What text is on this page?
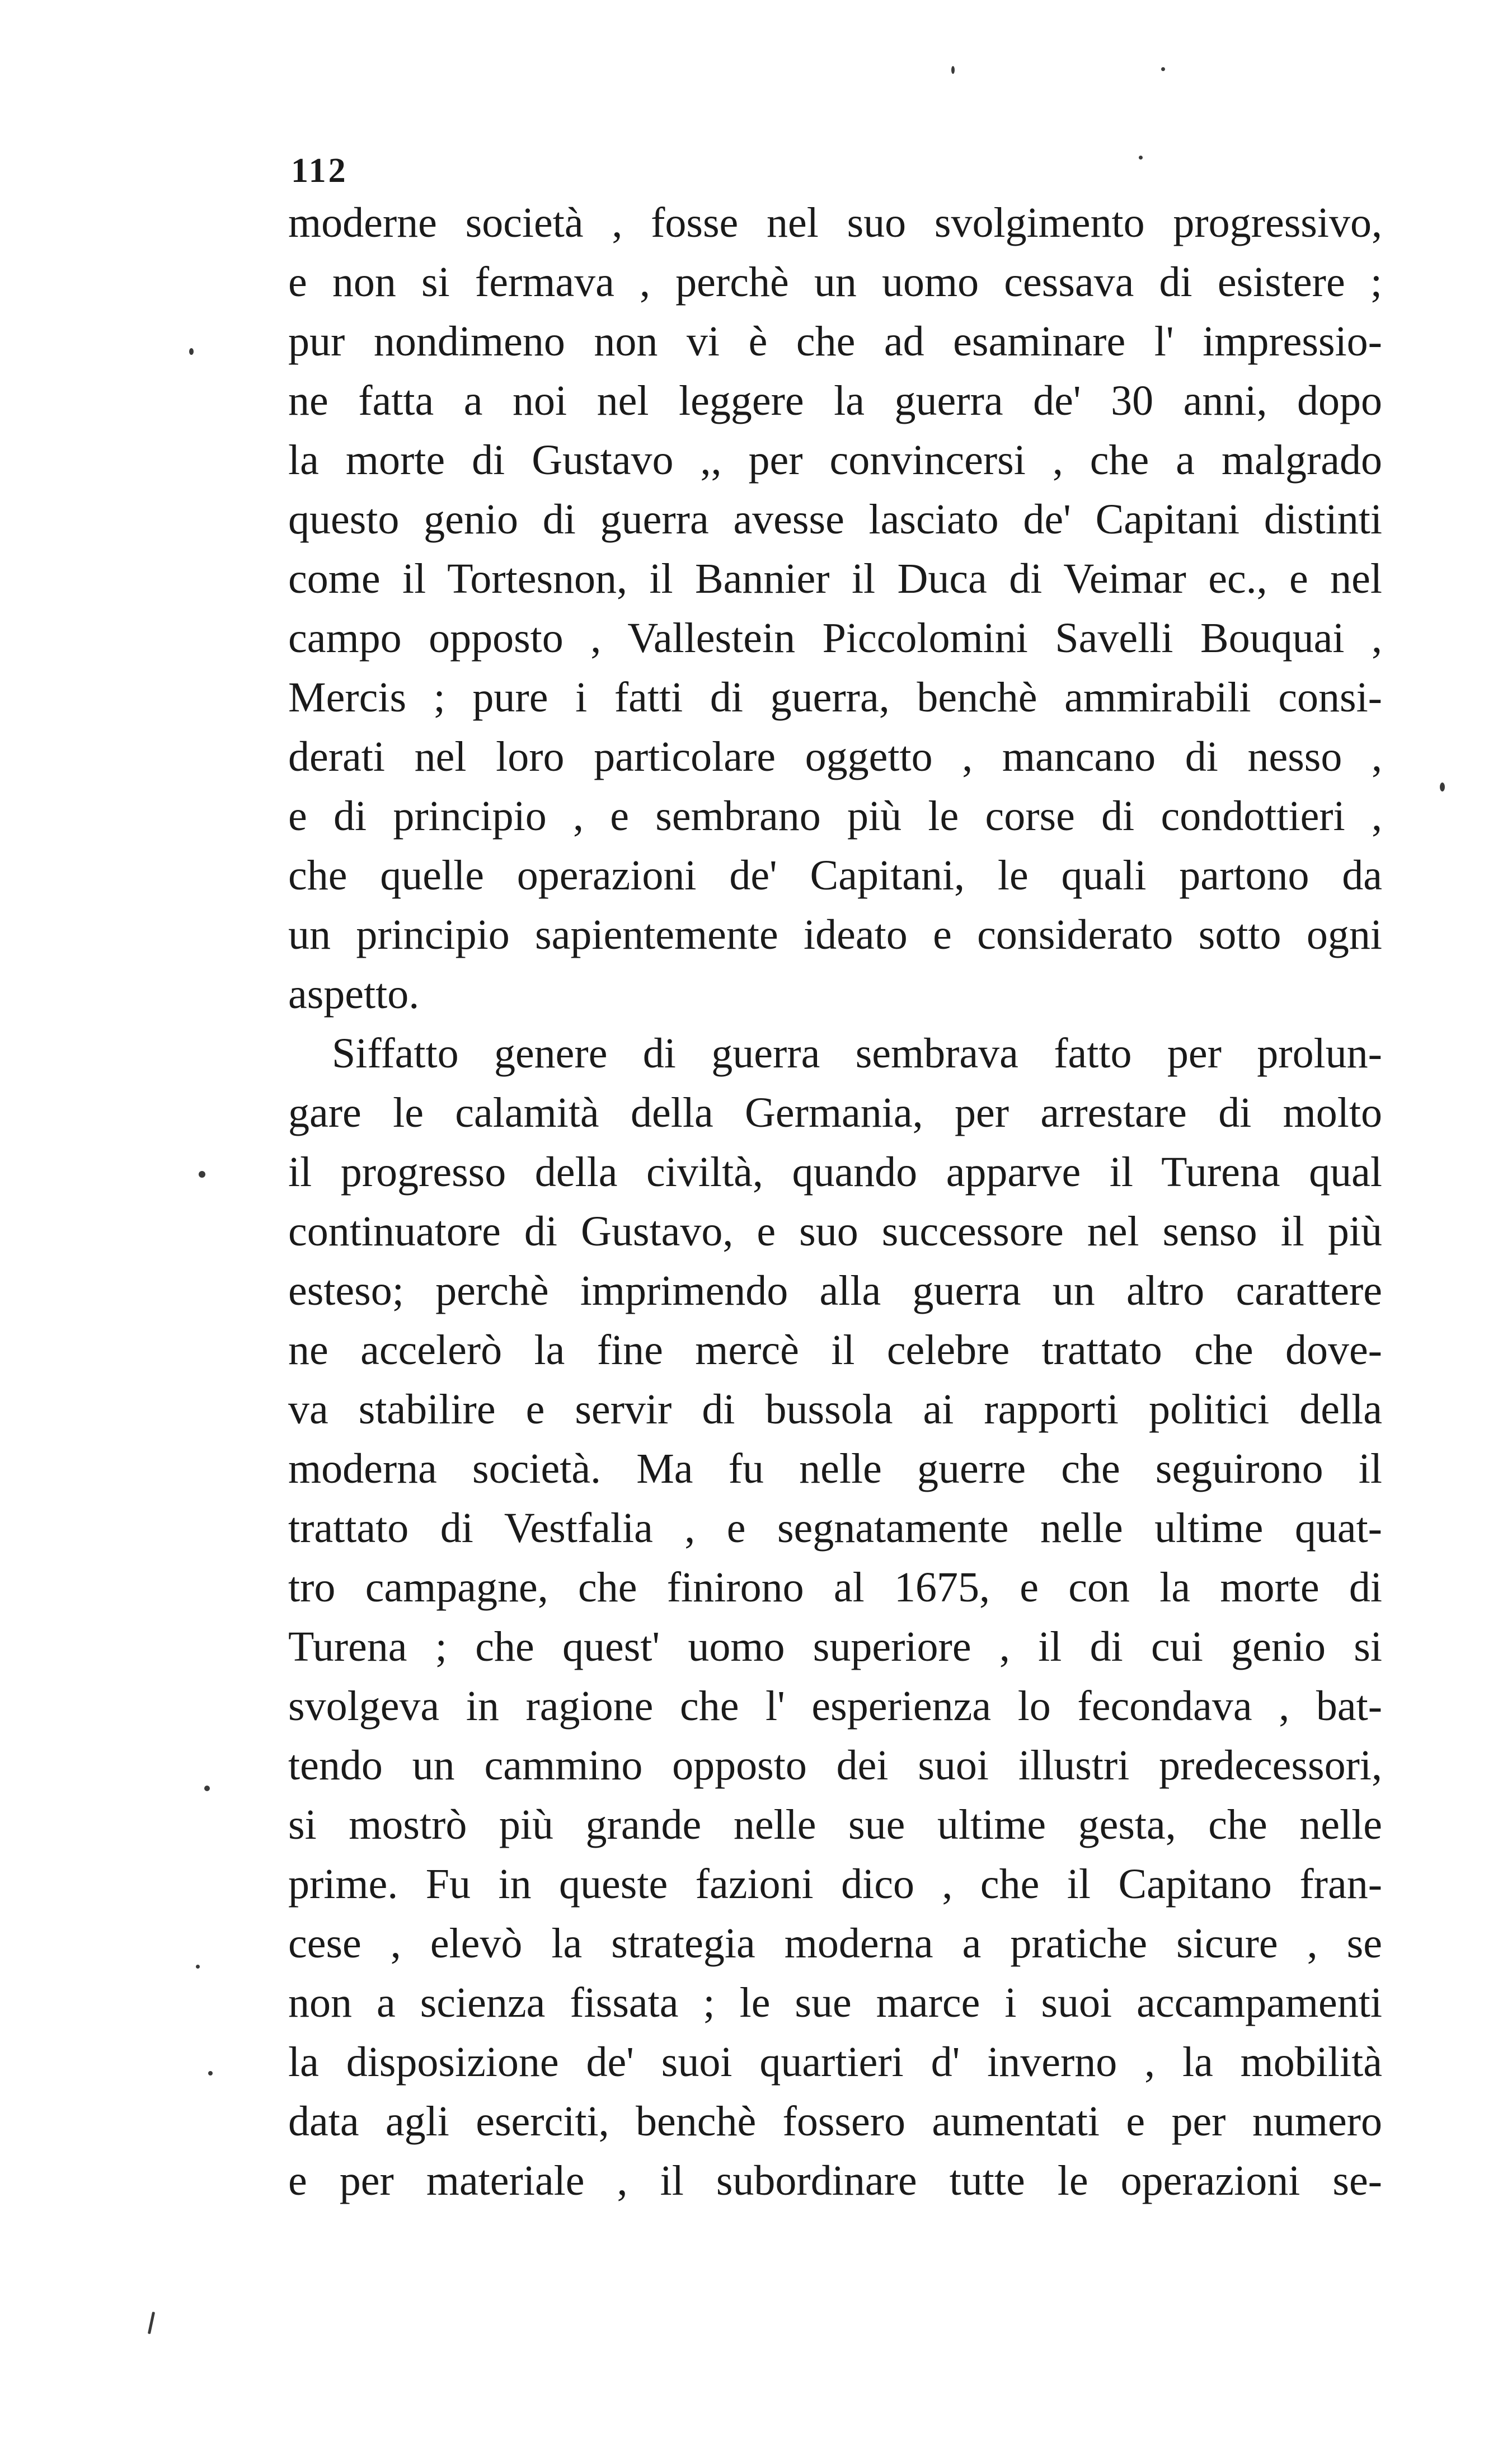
112
moderne società , fosse nel suo svolgimento progressivo,
e non si fermava , perchè un uomo cessava di esistere ;
pur nondimeno non vi è che ad esaminare l' impressio-
ne fatta a noi nel leggere la guerra de' 30 anni, dopo
la morte di Gustavo ,, per convincersi , che a malgrado
questo genio di guerra avesse lasciato de' Capitani distinti
come il Tortesnon, il Bannier il Duca di Veimar ec., e nel
campo opposto , Vallestein Piccolomini Savelli Bouquai ,
Mercis ; pure i fatti di guerra, benchè ammirabili consi-
derati nel loro particolare oggetto , mancano di nesso ,
e di principio , e sembrano più le corse di condottieri ,
che quelle operazioni de' Capitani, le quali partono da
un principio sapientemente ideato e considerato sotto ogni
aspetto.
Siffatto genere di guerra sembrava fatto per prolun-
gare le calamità della Germania, per arrestare di molto
il progresso della civiltà, quando apparve il Turena qual
continuatore di Gustavo, e suo successore nel senso il più
esteso; perchè imprimendo alla guerra un altro carattere
ne accelerò la fine mercè il celebre trattato che dove-
va stabilire e servir di bussola ai rapporti politici della
moderna società. Ma fu nelle guerre che seguirono il
trattato di Vestfalia , e segnatamente nelle ultime quat-
tro campagne, che finirono al 1675, e con la morte di
Turena ; che quest' uomo superiore , il di cui genio si
svolgeva in ragione che l' esperienza lo fecondava , bat-
tendo un cammino opposto dei suoi illustri predecessori,
si mostrò più grande nelle sue ultime gesta, che nelle
prime. Fu in queste fazioni dico , che il Capitano fran-
cese , elevò la strategia moderna a pratiche sicure , se
non a scienza fissata ; le sue marce i suoi accampamenti
la disposizione de' suoi quartieri d' inverno , la mobilità
data agli eserciti, benchè fossero aumentati e per numero
e per materiale , il subordinare tutte le operazioni se-
